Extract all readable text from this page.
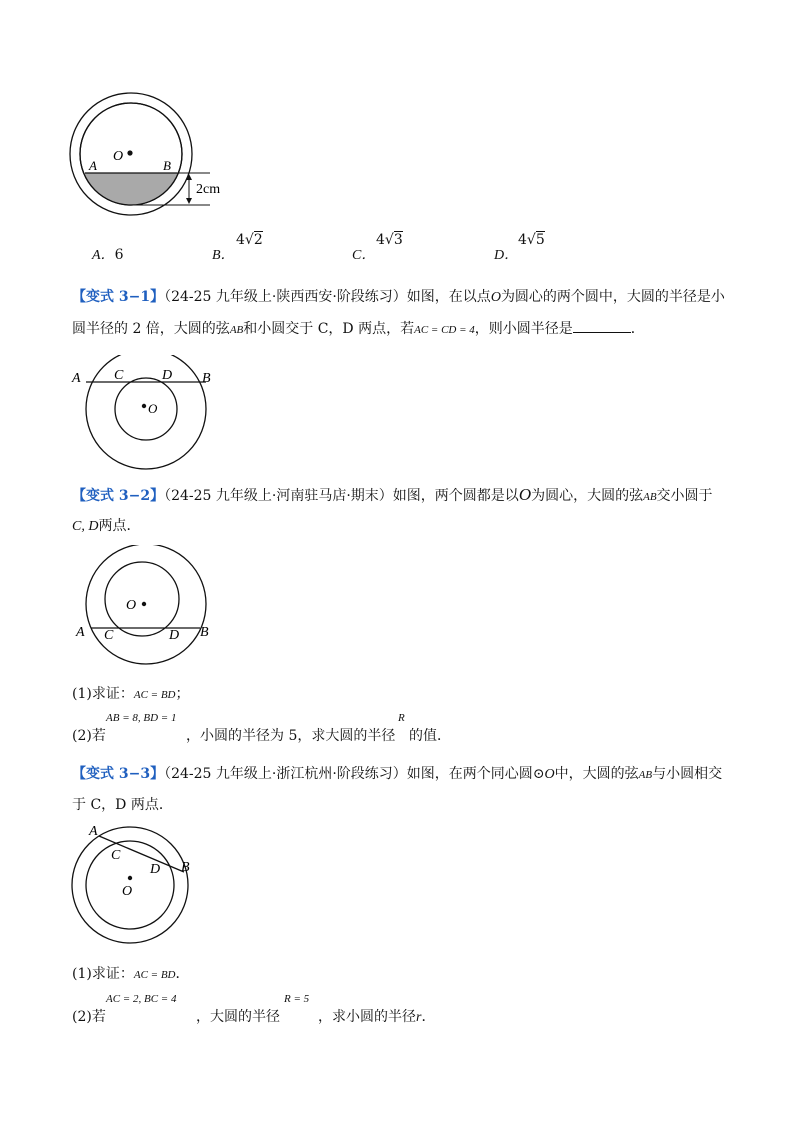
O
A	B
2cm
A．6	B．
4√2
C．
4√3
D．
4√5
【变式 3−1】（24-25 九年级上·陕西西安·阶段练习）如图，在以点O为圆心的两个圆中，大圆的半径是小
圆半径的 2 倍，大圆的弦AB和小圆交于 C，D 两点，若AC = CD = 4，则小圆半径是	．
A	B
C	D
O
【变式 3−2】（24-25 九年级上·河南驻马店·期末）如图，两个圆都是以O为圆心，大圆的弦AB交小圆于
C, D两点．
O
A	B
C	D
(1)求证：AC = BD；
AB = 8, BD = 1	R
(2)若	，小圆的半径为 5，求大圆的半径 的值．
【变式 3−3】（24-25 九年级上·浙江杭州·阶段练习）如图，在两个同心圆⊙O中，大圆的弦AB与小圆相交
于 C，D 两点．
A
C
D B
O
(1)求证：AC = BD．
AC = 2, BC = 4	R = 5
(2)若	，大圆的半径	，求小圆的半径r．
